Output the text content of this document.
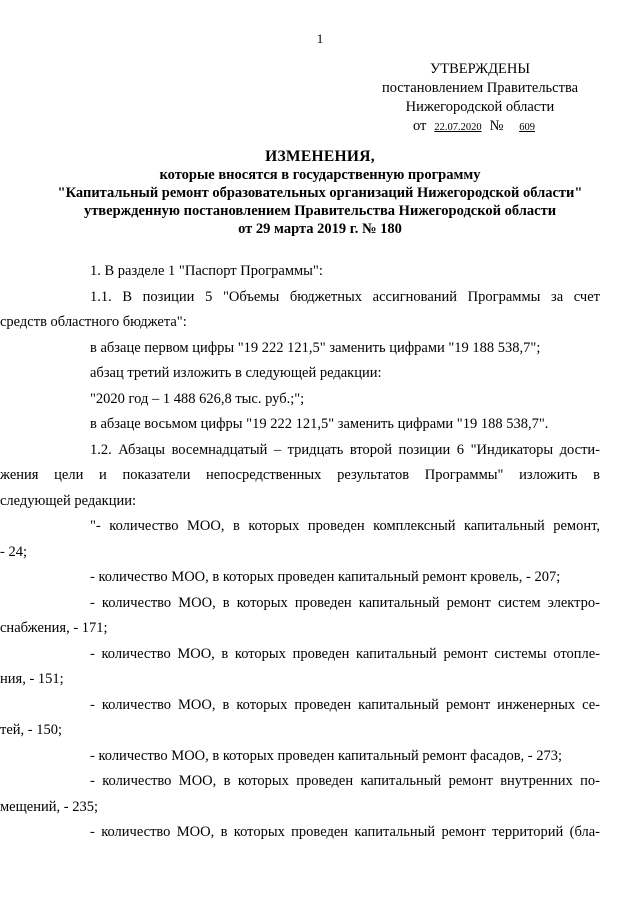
1
УТВЕРЖДЕНЫ
постановлением Правительства
Нижегородской области
от 22.07.2020 № 609
ИЗМЕНЕНИЯ,
которые вносятся в государственную программу
"Капитальный ремонт образовательных организаций Нижегородской области"
утвержденную постановлением Правительства Нижегородской области
от 29 марта 2019 г. № 180

1. В разделе 1 "Паспорт Программы":

1.1. В позиции 5 "Объемы бюджетных ассигнований Программы за счет

средств областного бюджета":

в абзаце первом цифры "19 222 121,5" заменить цифрами "19 188 538,7";

абзац третий изложить в следующей редакции:

"2020 год – 1 488 626,8 тыс. руб.;";

в абзаце восьмом цифры "19 222 121,5" заменить цифрами "19 188 538,7".

1.2. Абзацы восемнадцатый – тридцать второй позиции 6 "Индикаторы дости-

жения цели и показатели непосредственных результатов Программы" изложить в

следующей редакции:

"- количество МОО, в которых проведен комплексный капитальный ремонт,

- 24;

- количество МОО, в которых проведен капитальный ремонт кровель, - 207;

- количество МОО, в которых проведен капитальный ремонт систем электро-

снабжения, - 171;

- количество МОО, в которых проведен капитальный ремонт системы отопле-

ния, - 151;

- количество МОО, в которых проведен капитальный ремонт инженерных се-

тей, - 150;

- количество МОО, в которых проведен капитальный ремонт фасадов, - 273;

- количество МОО, в которых проведен капитальный ремонт внутренних по-

мещений, - 235;

- количество МОО, в которых проведен капитальный ремонт территорий (бла-
